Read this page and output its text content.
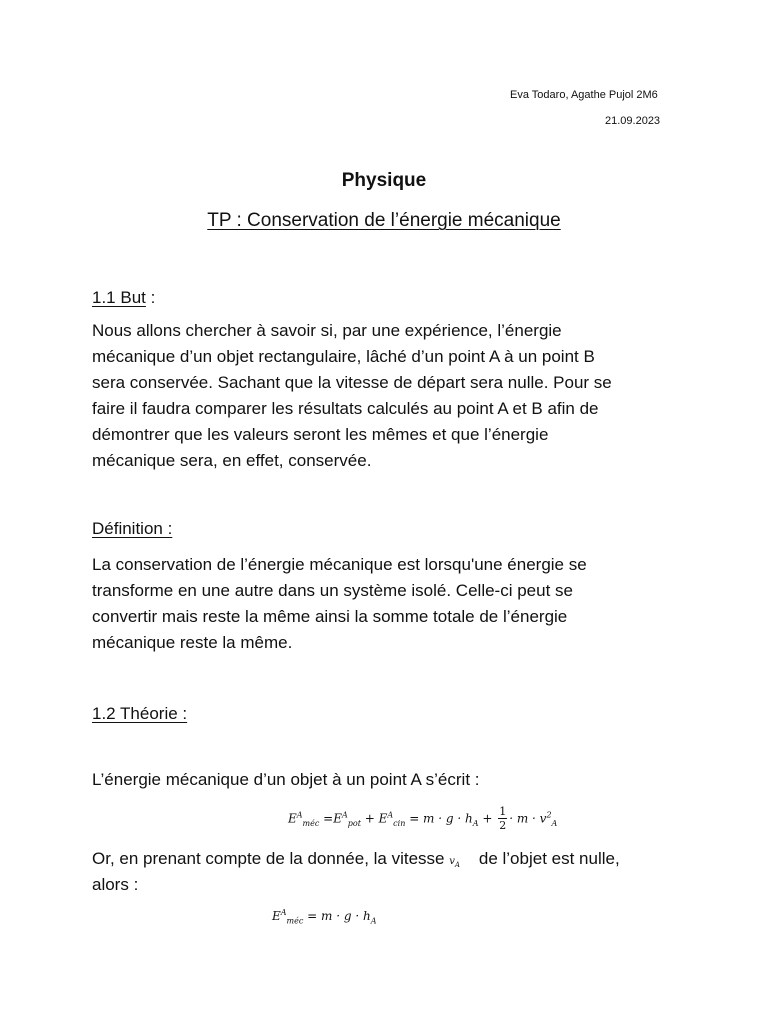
Eva Todaro, Agathe Pujol 2M6
21.09.2023
Physique
TP : Conservation de l’énergie mécanique
1.1 But :
Nous allons chercher à savoir si, par une expérience, l’énergie
mécanique d’un objet rectangulaire, lâché d’un point A à un point B
sera conservée. Sachant que la vitesse de départ sera nulle. Pour se
faire il faudra comparer les résultats calculés au point A et B afin de
démontrer que les valeurs seront les mêmes et que l’énergie
mécanique sera, en effet, conservée.
Définition :
La conservation de l’énergie mécanique est lorsqu'une énergie se
transforme en une autre dans un système isolé. Celle-ci peut se
convertir mais reste la même ainsi la somme totale de l’énergie
mécanique reste la même.
1.2 Théorie :
L’énergie mécanique d’un objet à un point A s’écrit :
$E^A_{méc} =E^A_{pot} + E^A_{cin} = m \cdot g \cdot h_A + \frac{1}{2} \cdot m \cdot v^2_A$
Or, en prenant compte de la donnée, la vitesse $v_A$ de l’objet est nulle,
alors :
$E^A_{méc} = m \cdot g \cdot h_A$
